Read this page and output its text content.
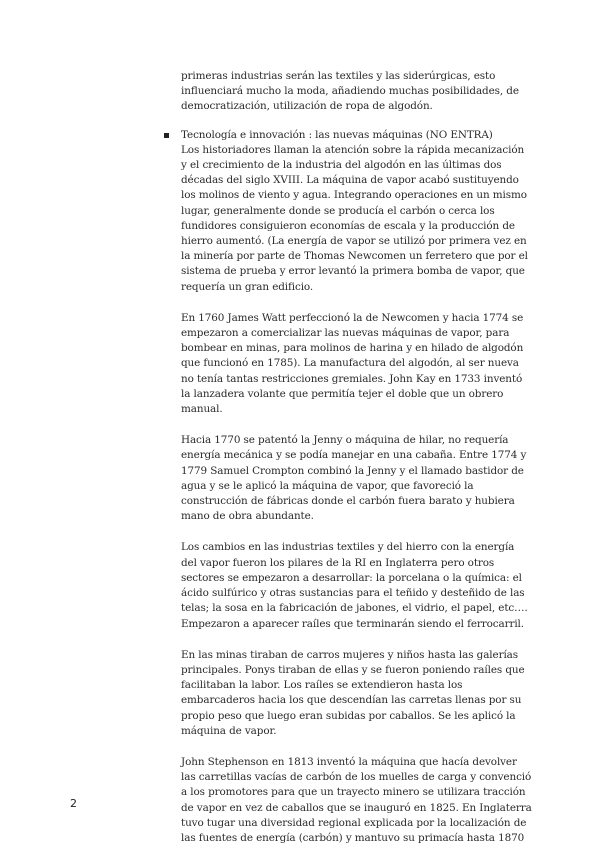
primeras industrias serán las textiles y las siderúrgicas, esto influenciará mucho la moda, añadiendo muchas posibilidades, de democratización, utilización de ropa de algodón.

Tecnología e innovación : las nuevas máquinas (NO ENTRA)

Los historiadores llaman la atención sobre la rápida mecanización y el crecimiento de la industria del algodón en las últimas dos décadas del siglo XVIII. La máquina de vapor acabó sustituyendo los molinos de viento y agua. Integrando operaciones en un mismo lugar, generalmente donde se producía el carbón o cerca los fundidores consiguieron economías de escala y la producción de hierro aumentó. (La energía de vapor se utilizó por primera vez en la minería por parte de Thomas Newcomen un ferretero que por el sistema de prueba y error levantó la primera bomba de vapor, que requería un gran edificio.

En 1760 James Watt perfeccionó la de Newcomen y hacia 1774 se empezaron a comercializar las nuevas máquinas de vapor, para bombear en minas, para molinos de harina y en hilado de algodón que funcionó en 1785). La manufactura del algodón, al ser nueva no tenía tantas restricciones gremiales. John Kay en 1733 inventó la lanzadera volante que permitía tejer el doble que un obrero manual.

Hacia 1770 se patentó la Jenny o máquina de hilar, no requería energía mecánica y se podía manejar en una cabaña. Entre 1774 y 1779 Samuel Crompton combinó la Jenny y el llamado bastidor de agua y se le aplicó la máquina de vapor, que favoreció la construcción de fábricas donde el carbón fuera barato y hubiera mano de obra abundante.

Los cambios en las industrias textiles y del hierro con la energía del vapor fueron los pilares de la RI en Inglaterra pero otros sectores se empezaron a desarrollar: la porcelana o la química: el ácido sulfúrico y otras sustancias para el teñido y desteñido de las telas; la sosa en la fabricación de jabones, el vidrio, el papel, etc…. Empezaron a aparecer raíles que terminarán siendo el ferrocarril.

En las minas tiraban de carros mujeres y niños hasta las galerías principales. Ponys tiraban de ellas y se fueron poniendo raíles que facilitaban la labor. Los raíles se extendieron hasta los embarcaderos hacia los que descendían las carretas llenas por su propio peso que luego eran subidas por caballos. Se les aplicó la máquina de vapor.

John Stephenson en 1813 inventó la máquina que hacía devolver las carretillas vacías de carbón de los muelles de carga y convenció a los promotores para que un trayecto minero se utilizara tracción de vapor en vez de caballos que se inauguró en 1825. En Inglaterra tuvo tugar una diversidad regional explicada por la localización de las fuentes de energía (carbón) y mantuvo su primacía hasta 1870

2
